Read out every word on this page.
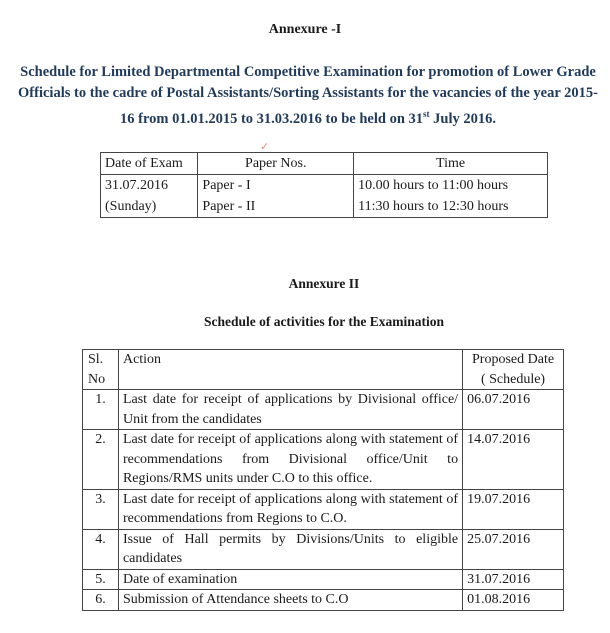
Annexure -I
Schedule for Limited Departmental Competitive Examination for promotion of Lower Grade Officials to the cadre of Postal Assistants/Sorting Assistants for the vacancies of the year 2015-16 from 01.01.2015 to 31.03.2016 to be held on 31st July 2016.
✓
Date of Exam	Paper Nos.	Time
31.07.2016	Paper - I	10.00 hours to 11:00 hours
(Sunday)	Paper - II	11:30 hours to 12:30 hours
Annexure II
Schedule of activities for the Examination
Sl.
No	Action	Proposed Date
( Schedule)
1.	Last date for receipt of applications by Divisional office/ Unit from the candidates	06.07.2016
2.	Last date for receipt of applications along with statement of recommendations from Divisional office/Unit to Regions/RMS units under C.O to this office.	14.07.2016
3.	Last date for receipt of applications along with statement of recommendations from Regions to C.O.	19.07.2016
4.	Issue of Hall permits by Divisions/Units to eligible candidates	25.07.2016
5.	Date of examination	31.07.2016
6.	Submission of Attendance sheets to C.O	01.08.2016
